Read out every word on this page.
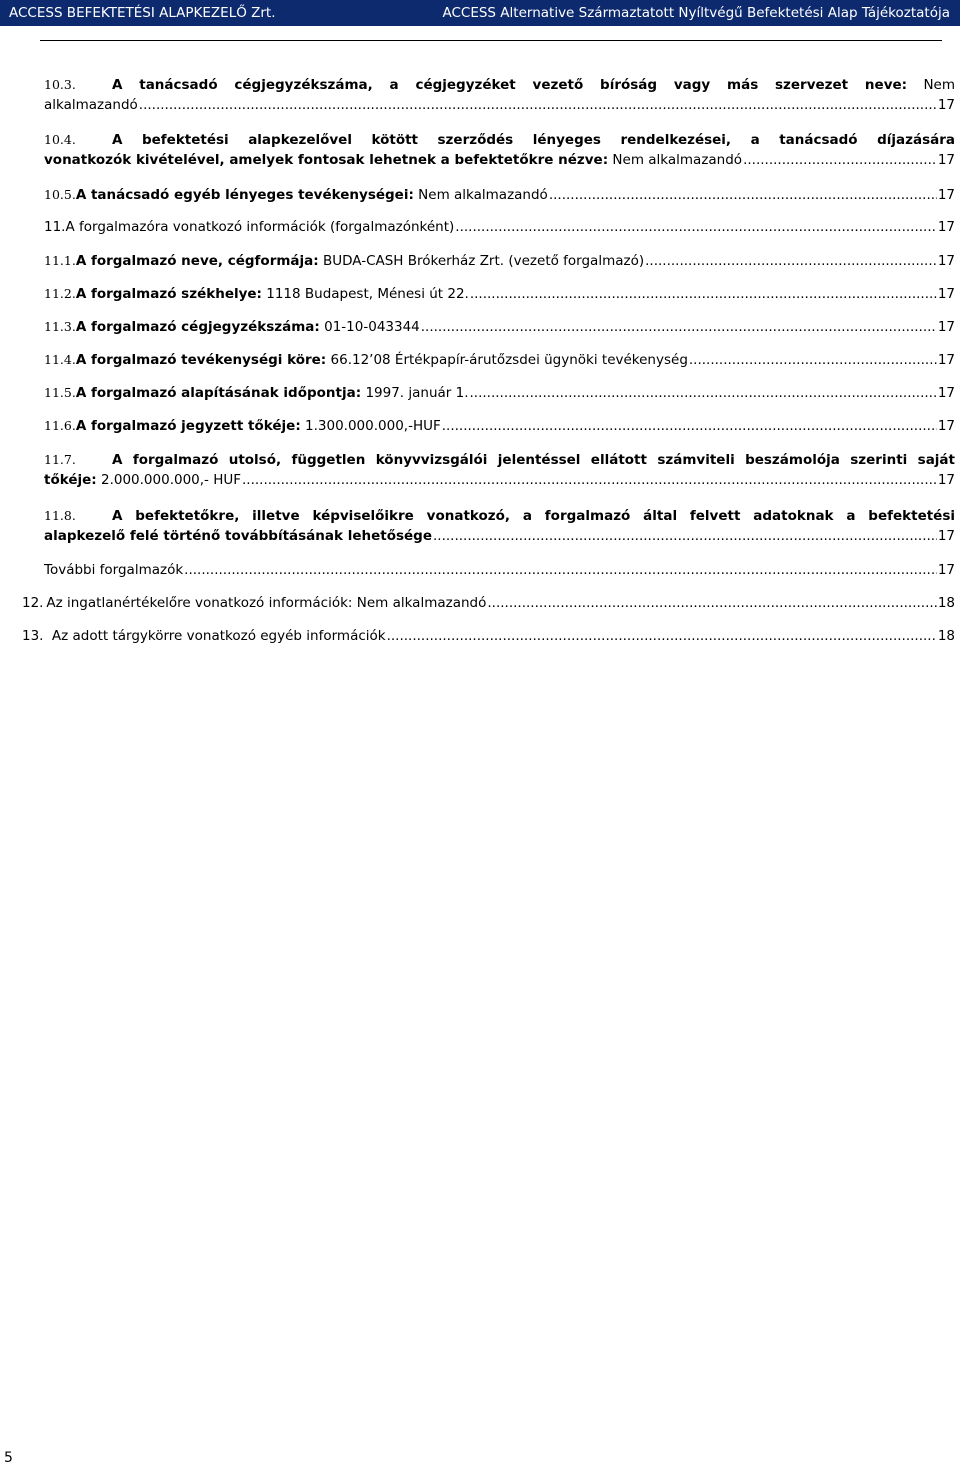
ACCESS BEFEKTETÉSI ALAPKEZELŐ Zrt.	ACCESS Alternative Származtatott Nyíltvégű Befektetési Alap Tájékoztatója
10.3.	A tanácsadó cégjegyzékszáma, a cégjegyzéket vezető bíróság vagy más szervezet neve: Nem
alkalmazandó .....	17
10.4.	A befektetési alapkezelővel kötött szerződés lényeges rendelkezései, a tanácsadó díjazására
vonatkozók kivételével, amelyek fontosak lehetnek a befektetőkre nézve:
Nem alkalmazandó .....	17
10.5. A tanácsadó egyéb lényeges tevékenységei:
Nem alkalmazandó .....	17
11. A forgalmazóra vonatkozó információk (forgalmazónként) .....	17
11.1. A forgalmazó neve, cégformája:
BUDA-CASH Brókerház Zrt. (vezető forgalmazó) .....	17
11.2. A forgalmazó székhelye:
1118 Budapest, Ménesi út 22. .....	17
11.3. A forgalmazó cégjegyzékszáma:
01-10-043344 .....	17
11.4. A forgalmazó tevékenységi köre:
66.12’08 Értékpapír-árutőzsdei ügynöki tevékenység .....	17
11.5. A forgalmazó alapításának időpontja:
1997. január 1. .....	17
11.6. A forgalmazó jegyzett tőkéje:
1.300.000.000,-HUF .....	17
11.7.	A forgalmazó utolsó, független könyvvizsgálói jelentéssel ellátott számviteli beszámolója szerinti saját
tőkéje:
2.000.000.000,- HUF .....	17
11.8.	A befektetőkre, illetve képviselőikre vonatkozó, a forgalmazó által felvett adatoknak a befektetési
alapkezelő felé történő továbbításának lehetősége .....	17
További forgalmazók .....	17
12. Az ingatlanértékelőre vonatkozó információk: Nem alkalmazandó .....	18
13. Az adott tárgykörre vonatkozó egyéb információk .....	18
5
